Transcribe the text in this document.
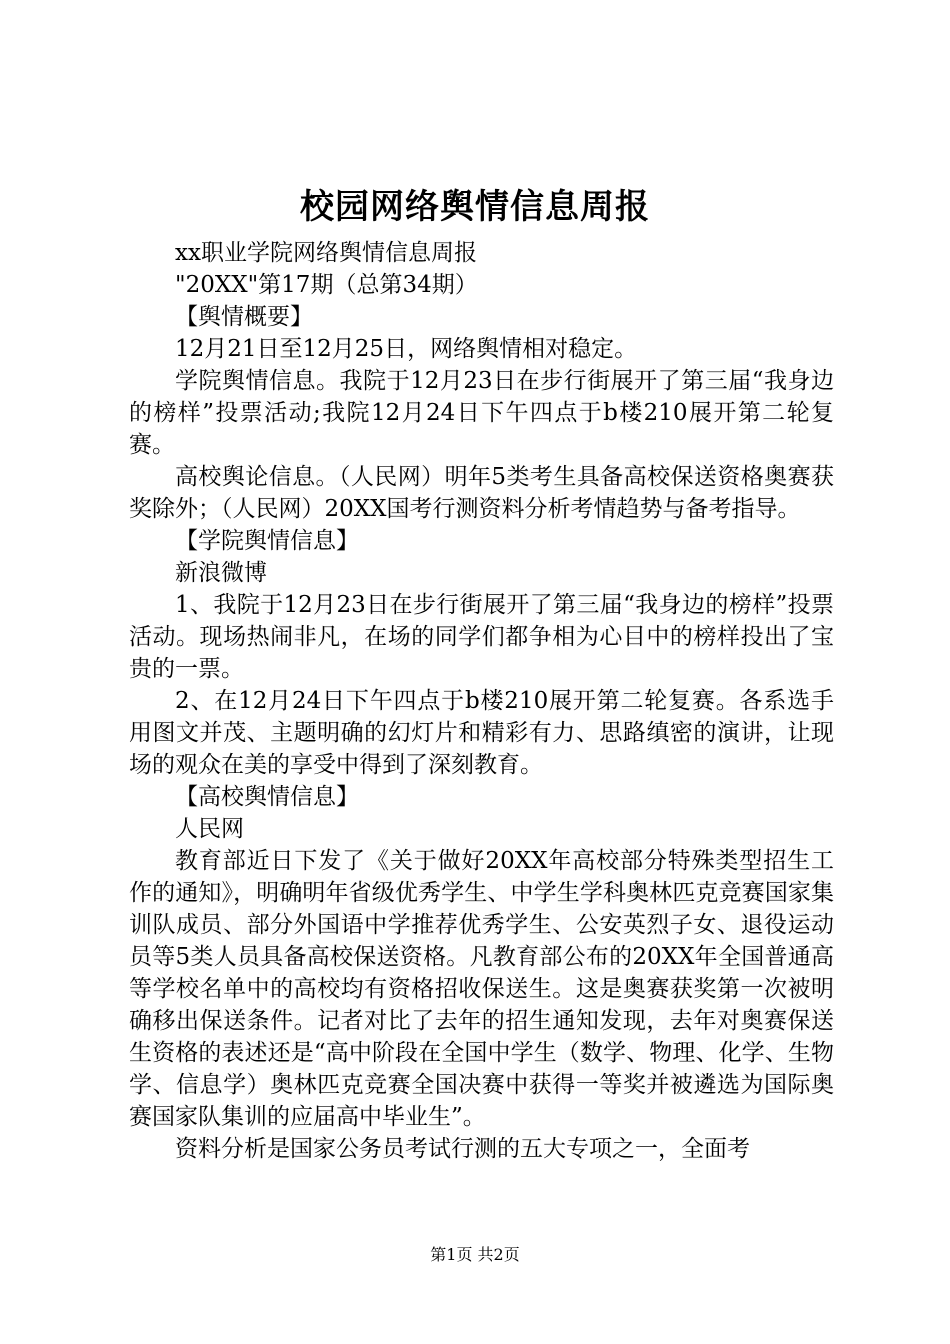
校园网络舆情信息周报

xx职业学院网络舆情信息周报

"20XX"第17期（总第34期）

【舆情概要】

12月21日至12月25日，网络舆情相对稳定。

学院舆情信息。我院于12月23日在步行街展开了第三届“我身边的榜样”投票活动;我院12月24日下午四点于b楼210展开第二轮复赛。

高校舆论信息。（人民网）明年5类考生具备高校保送资格奥赛获奖除外；（人民网）20XX国考行测资料分析考情趋势与备考指导。

【学院舆情信息】

新浪微博

1、我院于12月23日在步行街展开了第三届“我身边的榜样”投票活动。现场热闹非凡，在场的同学们都争相为心目中的榜样投出了宝贵的一票。

2、在12月24日下午四点于b楼210展开第二轮复赛。各系选手用图文并茂、主题明确的幻灯片和精彩有力、思路缜密的演讲，让现场的观众在美的享受中得到了深刻教育。

【高校舆情信息】

人民网

教育部近日下发了《关于做好20XX年高校部分特殊类型招生工作的通知》，明确明年省级优秀学生、中学生学科奥林匹克竞赛国家集训队成员、部分外国语中学推荐优秀学生、公安英烈子女、退役运动员等5类人员具备高校保送资格。凡教育部公布的20XX年全国普通高等学校名单中的高校均有资格招收保送生。这是奥赛获奖第一次被明确移出保送条件。记者对比了去年的招生通知发现，去年对奥赛保送生资格的表述还是“高中阶段在全国中学生（数学、物理、化学、生物学、信息学）奥林匹克竞赛全国决赛中获得一等奖并被遴选为国际奥赛国家队集训的应届高中毕业生”。

资料分析是国家公务员考试行测的五大专项之一，全面考

第1页 共2页
